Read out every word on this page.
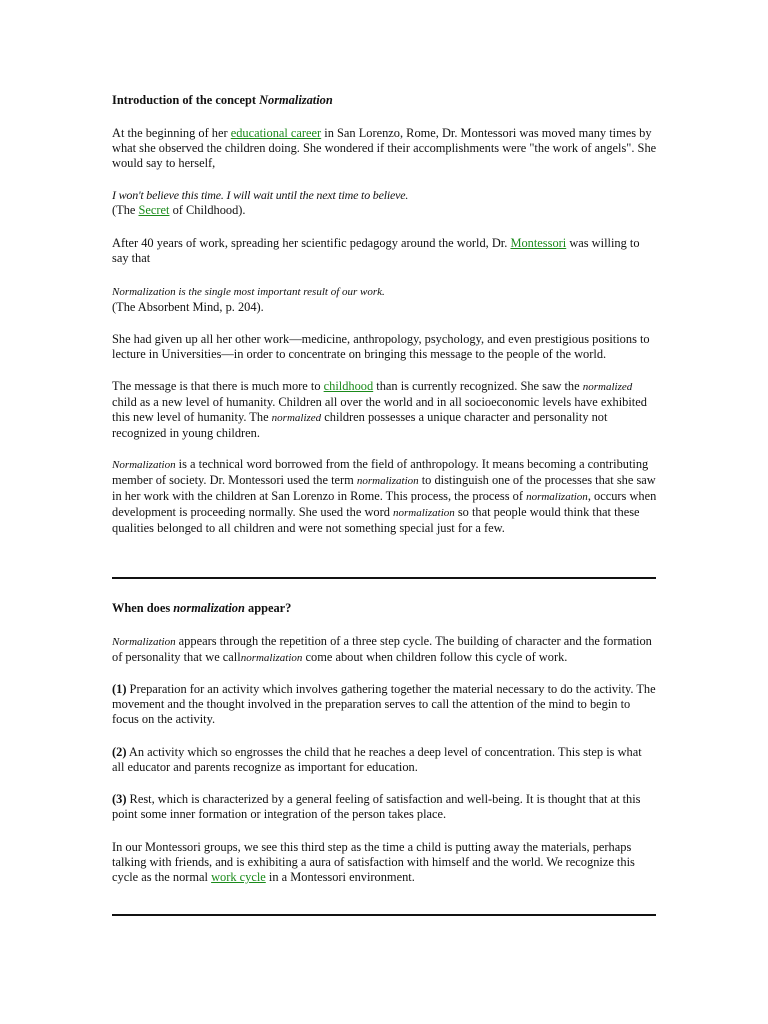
Introduction of the concept Normalization

At the beginning of her educational career in San Lorenzo, Rome, Dr. Montessori was moved many times by what she observed the children doing. She wondered if their accomplishments were "the work of angels". She would say to herself,

I won't believe this time. I will wait until the next time to believe.
(The Secret of Childhood).

After 40 years of work, spreading her scientific pedagogy around the world, Dr. Montessori was willing to say that

Normalization is the single most important result of our work.
(The Absorbent Mind, p. 204).

She had given up all her other work—medicine, anthropology, psychology, and even prestigious positions to lecture in Universities—in order to concentrate on bringing this message to the people of the world.

The message is that there is much more to childhood than is currently recognized. She saw the normalized child as a new level of humanity. Children all over the world and in all socioeconomic levels have exhibited this new level of humanity. The normalized children possesses a unique character and personality not recognized in young children.

Normalization is a technical word borrowed from the field of anthropology. It means becoming a contributing member of society. Dr. Montessori used the term normalization to distinguish one of the processes that she saw in her work with the children at San Lorenzo in Rome. This process, the process of normalization, occurs when development is proceeding normally. She used the word normalization so that people would think that these qualities belonged to all children and were not something special just for a few.

When does normalization appear?

Normalization appears through the repetition of a three step cycle. The building of character and the formation of personality that we callnormalization come about when children follow this cycle of work.

(1) Preparation for an activity which involves gathering together the material necessary to do the activity. The movement and the thought involved in the preparation serves to call the attention of the mind to begin to focus on the activity.

(2) An activity which so engrosses the child that he reaches a deep level of concentration. This step is what all educator and parents recognize as important for education.

(3) Rest, which is characterized by a general feeling of satisfaction and well-being. It is thought that at this point some inner formation or integration of the person takes place.

In our Montessori groups, we see this third step as the time a child is putting away the materials, perhaps talking with friends, and is exhibiting a aura of satisfaction with himself and the world. We recognize this cycle as the normal work cycle in a Montessori environment.
